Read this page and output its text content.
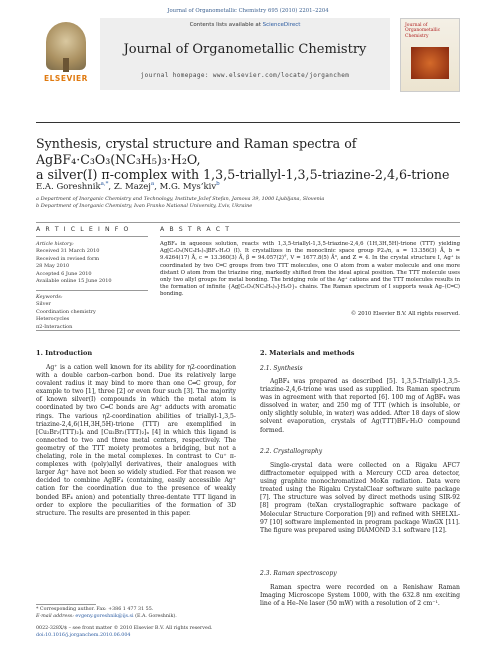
Journal of Organometallic Chemistry 695 (2010) 2201–2204
ELSEVIER
Contents lists available at ScienceDirect
Journal of Organometallic Chemistry
journal homepage: www.elsevier.com/locate/jorganchem
Journal of Organometallic Chemistry
Synthesis, crystal structure and Raman spectra of AgBF₄·C₃O₃(NC₃H₅)₃·H₂O,
a silver(I) π-complex with 1,3,5-triallyl-1,3,5-triazine-2,4,6-trione
E.A. Goreshnik$^{a,*}$, Z. Mazej$^a$, M.G. Mys’kiv$^b$
a Department of Inorganic Chemistry and Technology, Institute Jožef Stefan, Jamova 39, 1000 Ljubljana, Slovenia
b Department of Inorganic Chemistry, Ivan Franko National University, L’viv, Ukraine
A R T I C L E I N F O	A B S T R A C T
Article history:
Received 31 March 2010
Received in revised form
28 May 2010
Accepted 6 June 2010
Available online 15 June 2010
Keywords:
Silver
Coordination chemistry
Heterocycles
π2-Interaction
AgBF₄ in aqueous solution, reacts with 1,3,5-triallyl-1,3,5-triazine-2,4,6 (1H,3H,5H)-trione (TTT) yielding Ag[C₃O₃(NC₃H₅)₃]BF₄·H₂O (I). It crystallizes in the monoclinic space group P2₁/n, a = 13.356(3) Å, b = 9.4264(17) Å, c = 13.360(3) Å, β = 94.057(2)°, V = 1677.8(5) Å³, and Z = 4. In the crystal structure I, Ag⁺ is coordinated by two C═C groups from two TTT molecules, one O atom from a water molecule and one more distant O atom from the triazine ring, markedly shifted from the ideal apical position. The TTT molecule uses only two allyl groups for metal bonding. The bridging role of the Ag⁺ cations and the TTT molecules results in the formation of infinite {Ag[C₃O₃(NC₃H₅)₃]·H₂O}ₙ chains. The Raman spectrum of I supports weak Ag–(C═C) bonding.
© 2010 Elsevier B.V. All rights reserved.
1. Introduction
Ag⁺ is a cation well known for its ability for η2-coordination with a double carbon–carbon bond. Due its relatively large covalent radius it may bind to more than one C═C group, for example to two [1], three [2] or even four such [3]. The majority of known silver(I) compounds in which the metal atom is coordinated by two C═C bonds are Ag⁺ adducts with aromatic rings. The various η2-coordination abilities of triallyl-1,3,5-triazine-2,4,6(1H,3H,5H)-trione (TTT) are exemplified in [Cu₂Br₂(TTT)₂]₄ and [Cu₂Br₂(TTT)₂]ₙ [4] in which this ligand is connected to two and three metal centers, respectively. The geometry of the TTT moiety promotes a bridging, but not a chelating, role in the metal complexes. In contrast to Cu⁺ π-complexes with (poly)allyl derivatives, their analogues with larger Ag⁺ have not been so widely studied. For that reason we decided to combine AgBF₄ (containing, easily accessible Ag⁺ cation for the coordination due to the presence of weakly bonded BF₄ anion) and potentially three-dentate TTT ligand in order to explore the peculiarities of the formation of 3D structure. The results are presented in this paper.
* Corresponding author. Fax: +386 1 477 31 55.
E-mail address: evgeny.goreshnik@ijs.si (E.A. Goreshnik).
0022-328X/$ – see front matter © 2010 Elsevier B.V. All rights reserved.
doi:10.1016/j.jorganchem.2010.06.004
2. Materials and methods
2.1. Synthesis
AgBF₄ was prepared as described [5]. 1,3,5-Triallyl-1,3,5-triazine-2,4,6-trione was used as supplied. Its Raman spectrum was in agreement with that reported [6]. 100 mg of AgBF₄ was dissolved in water, and 250 mg of TTT (which is insoluble, or only slightly soluble, in water) was added. After 18 days of slow solvent evaporation, crystals of Ag(TTT)BF₄·H₂O compound formed.
2.2. Crystallography
Single-crystal data were collected on a Rigaku AFC7 diffractometer equipped with a Mercury CCD area detector, using graphite monochromatized MoKα radiation. Data were treated using the Rigaku CrystalClear software suite package [7]. The structure was solved by direct methods using SIR-92 [8] program (teXan crystallographic software package of Molecular Structure Corporation [9]) and refined with SHELXL-97 [10] software implemented in program package WinGX [11]. The figure was prepared using DIAMOND 3.1 software [12].
2.3. Raman spectroscopy
Raman spectra were recorded on a Renishaw Raman Imaging Microscope System 1000, with the 632.8 nm exciting line of a He–Ne laser (50 mW) with a resolution of 2 cm⁻¹.
